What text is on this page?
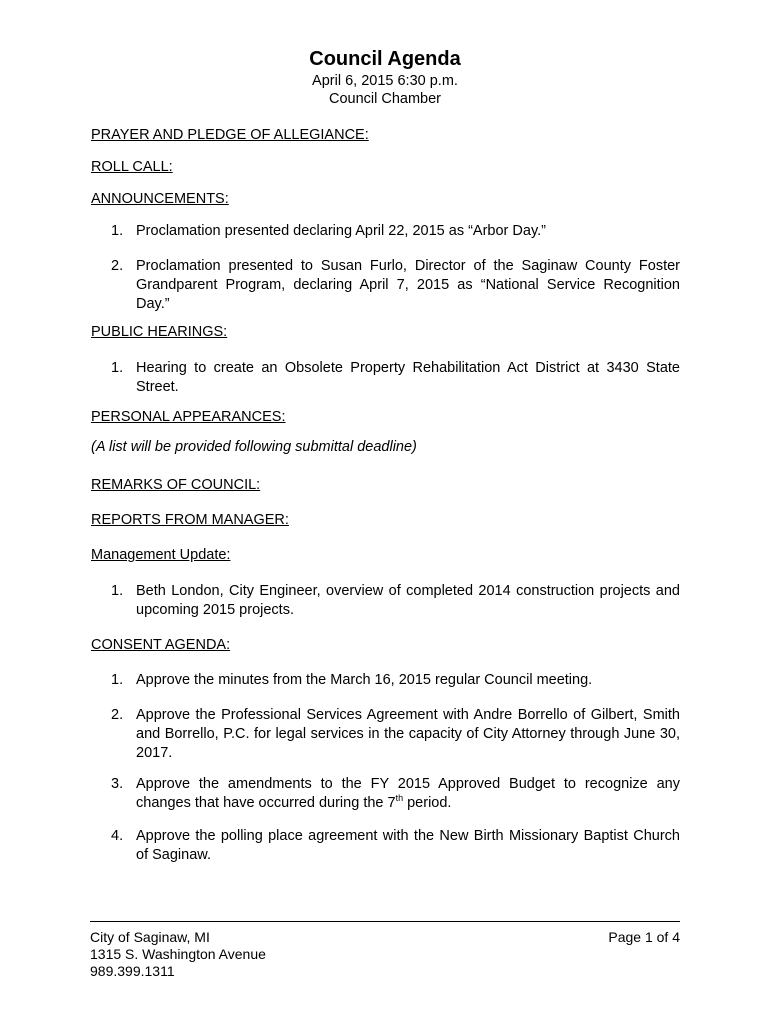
Council Agenda
April 6, 2015 6:30 p.m.
Council Chamber
PRAYER AND PLEDGE OF ALLEGIANCE:
ROLL CALL:
ANNOUNCEMENTS:
1. Proclamation presented declaring April 22, 2015 as “Arbor Day.”
2. Proclamation presented to Susan Furlo, Director of the Saginaw County Foster Grandparent Program, declaring April 7, 2015 as “National Service Recognition Day.”
PUBLIC HEARINGS:
1. Hearing to create an Obsolete Property Rehabilitation Act District at 3430 State Street.
PERSONAL APPEARANCES:
(A list will be provided following submittal deadline)
REMARKS OF COUNCIL:
REPORTS FROM MANAGER:
Management Update:
1. Beth London, City Engineer, overview of completed 2014 construction projects and upcoming 2015 projects.
CONSENT AGENDA:
1. Approve the minutes from the March 16, 2015 regular Council meeting.
2. Approve the Professional Services Agreement with Andre Borrello of Gilbert, Smith and Borrello, P.C. for legal services in the capacity of City Attorney through June 30, 2017.
3. Approve the amendments to the FY 2015 Approved Budget to recognize any changes that have occurred during the 7th period.
4. Approve the polling place agreement with the New Birth Missionary Baptist Church of Saginaw.
City of Saginaw, MI
1315 S. Washington Avenue
989.399.1311
Page 1 of 4
